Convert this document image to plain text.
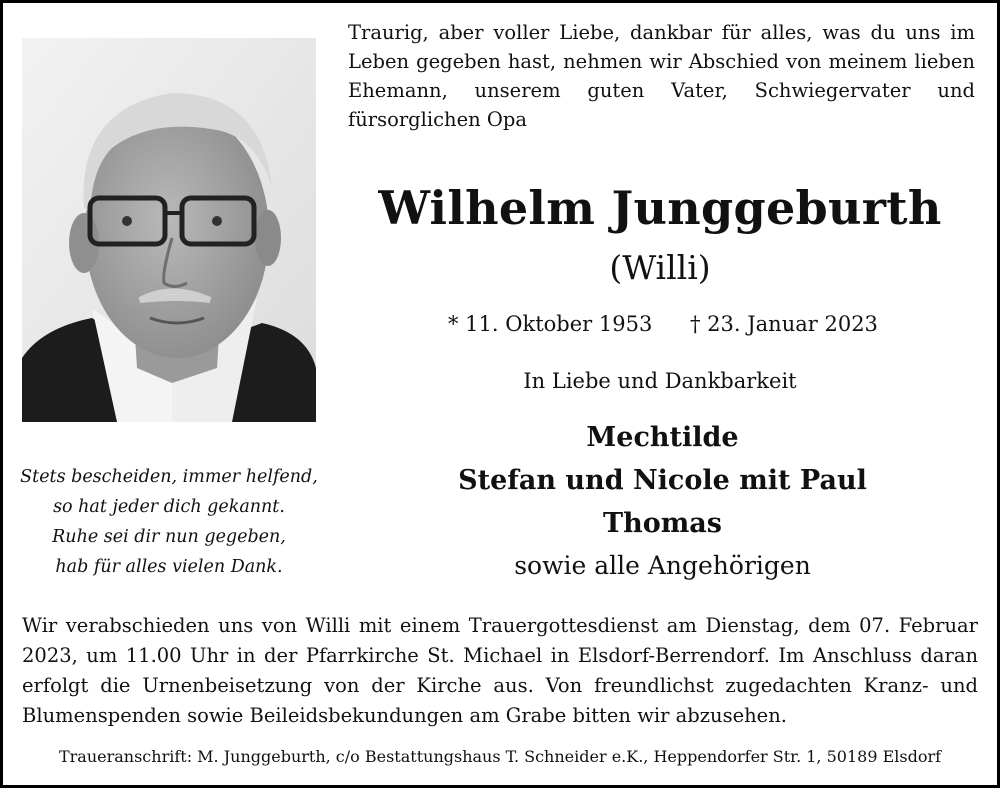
Traurig, aber voller Liebe, dankbar für alles, was du uns im Leben gegeben hast, nehmen wir Abschied von meinem lieben Ehemann, unserem guten Vater, Schwiegervater und fürsorglichen Opa
Wilhelm Junggeburth
(Willi)
* 11. Oktober 1953 † 23. Januar 2023
In Liebe und Dankbarkeit
Mechtilde
Stefan und Nicole mit Paul
Thomas
sowie alle Angehörigen
Stets bescheiden, immer helfend,
so hat jeder dich gekannt.
Ruhe sei dir nun gegeben,
hab für alles vielen Dank.
Wir verabschieden uns von Willi mit einem Trauergottesdienst am Dienstag, dem 07. Februar 2023, um 11.00 Uhr in der Pfarrkirche St. Michael in Elsdorf-Berrendorf. Im Anschluss daran erfolgt die Urnenbeisetzung von der Kirche aus. Von freundlichst zugedachten Kranz- und Blumenspenden sowie Beileidsbekundungen am Grabe bitten wir abzusehen.
Traueranschrift: M. Junggeburth, c/o Bestattungshaus T. Schneider e.K., Heppendorfer Str. 1, 50189 Elsdorf
